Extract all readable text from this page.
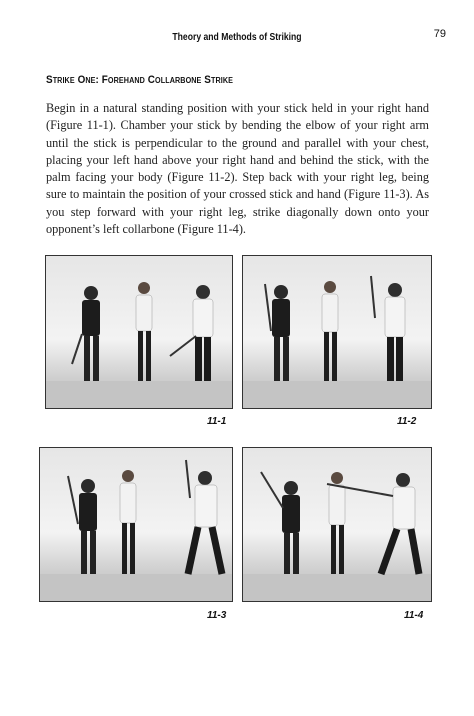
Theory and Methods of Striking	79
Strike One: Forehand Collarbone Strike
Begin in a natural standing position with your stick held in your right hand (Figure 11-1). Chamber your stick by bending the elbow of your right arm until the stick is perpendicular to the ground and parallel with your chest, placing your left hand above your right hand and behind the stick, with the palm facing your body (Figure 11-2). Step back with your right leg, being sure to maintain the position of your crossed stick and hand (Figure 11-3). As you step forward with your right leg, strike diagonally down onto your opponent’s left collarbone (Figure 11-4).
11-1	11-2
11-3	11-4
